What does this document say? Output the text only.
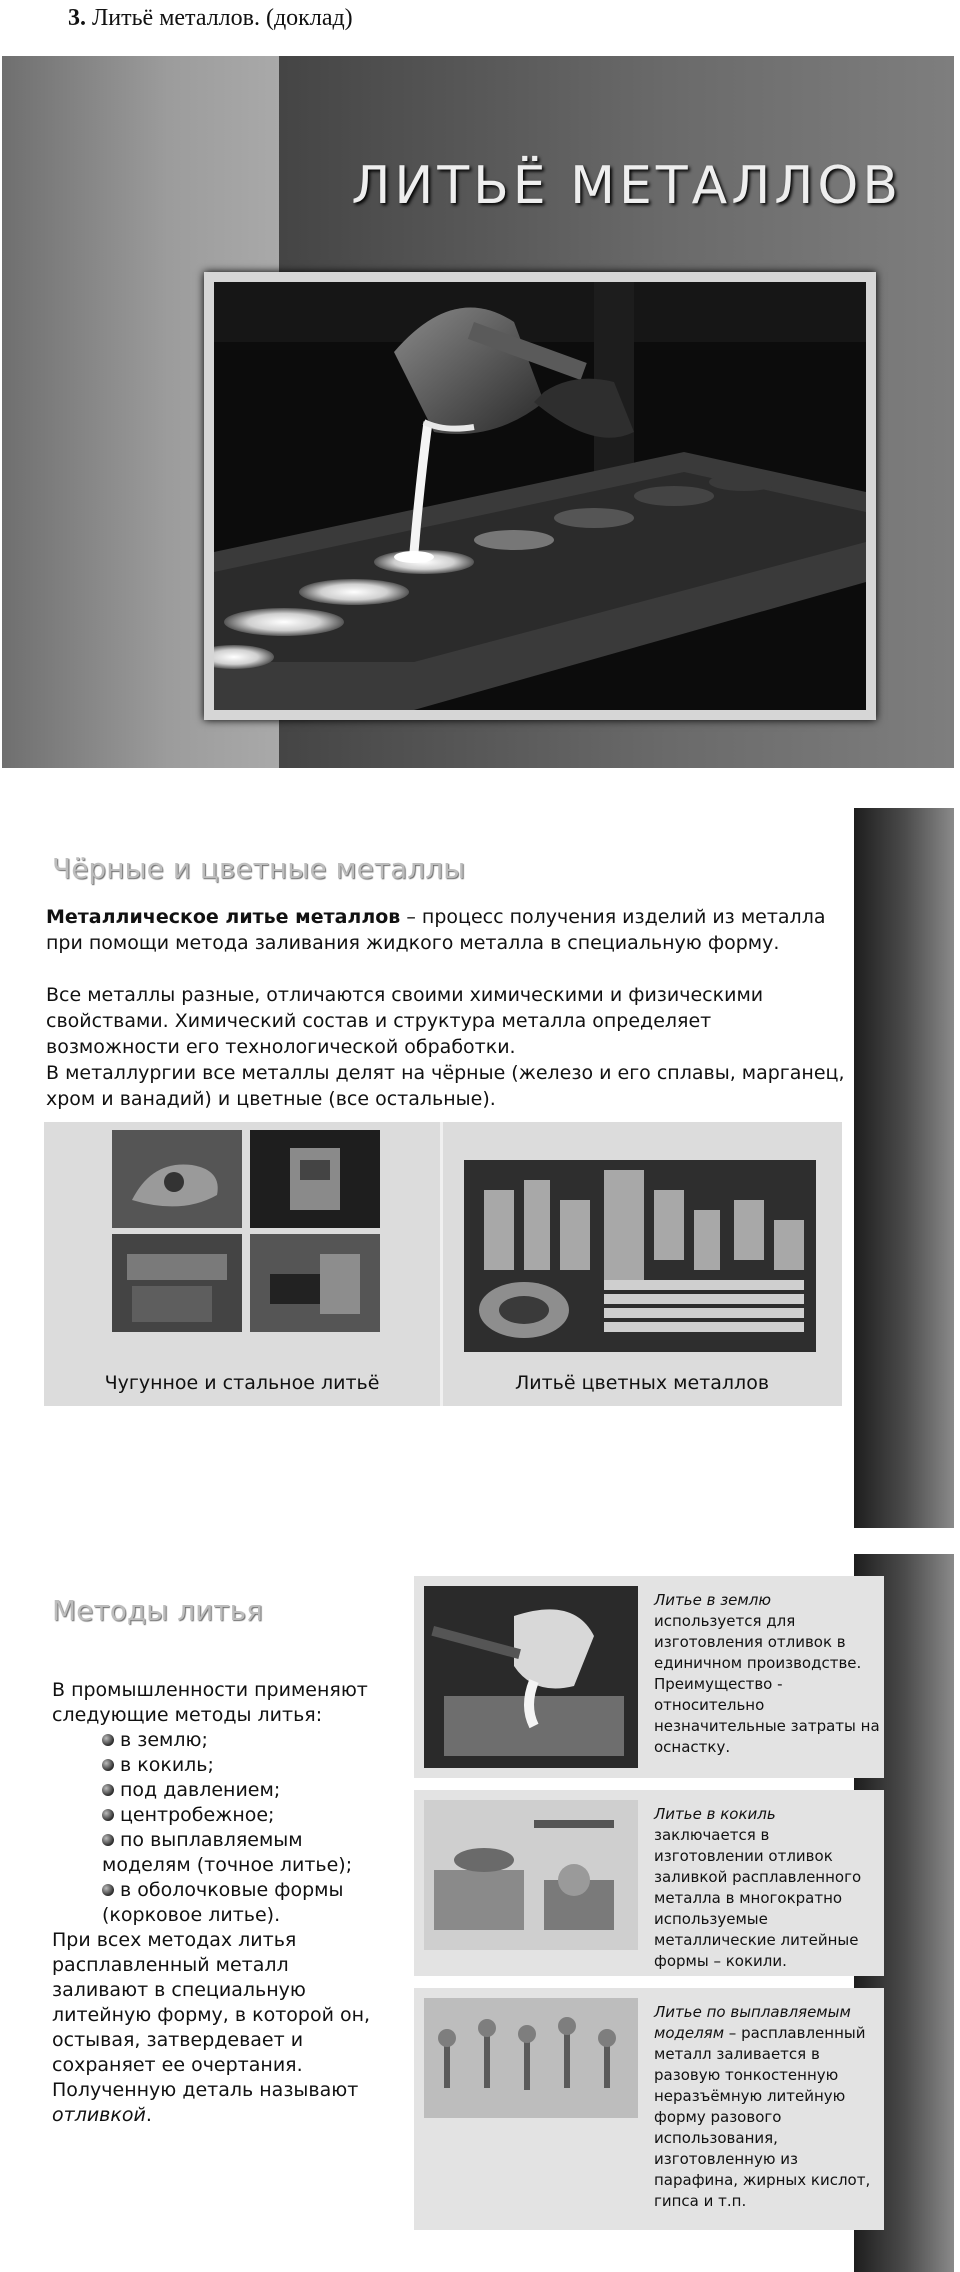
3. Литьё металлов. (доклад)
ЛИТЬЁ МЕТАЛЛОВ
Чёрные и цветные металлы

Металлическое литье металлов – процесс получения изделий из металла при помощи метода заливания жидкого металла в специальную форму.

Все металлы разные, отличаются своими химическими и физическими свойствами. Химический состав и структура металла определяет возможности его технологической обработки.

В металлургии все металлы делят на чёрные (железо и его сплавы, марганец, хром и ванадий) и цветные (все остальные).

Чугунное и стальное литьё	Литьё цветных металлов
Методы литья

В промышленности применяют следующие методы литья:

в землю;
в кокиль;
под давлением;
центробежное;
по выплавляемым моделям (точное литье);
в оболочковые формы (корковое литье).

При всех методах литья расплавленный металл заливают в специальную литейную форму, в которой он, остывая, затвердевает и сохраняет ее очертания. Полученную деталь называют отливкой.

Литье в землю используется для изготовления отливок в единичном производстве. Преимущество - относительно незначительные затраты на оснастку.
Литье в кокиль заключается в изготовлении отливок заливкой расплавленного металла в многократно используемые металлические литейные формы – кокили.
Литье по выплавляемым моделям – расплавленный металл заливается в разовую тонкостенную неразъёмную литейную форму разового использования, изготовленную из парафина, жирных кислот, гипса и т.п.
